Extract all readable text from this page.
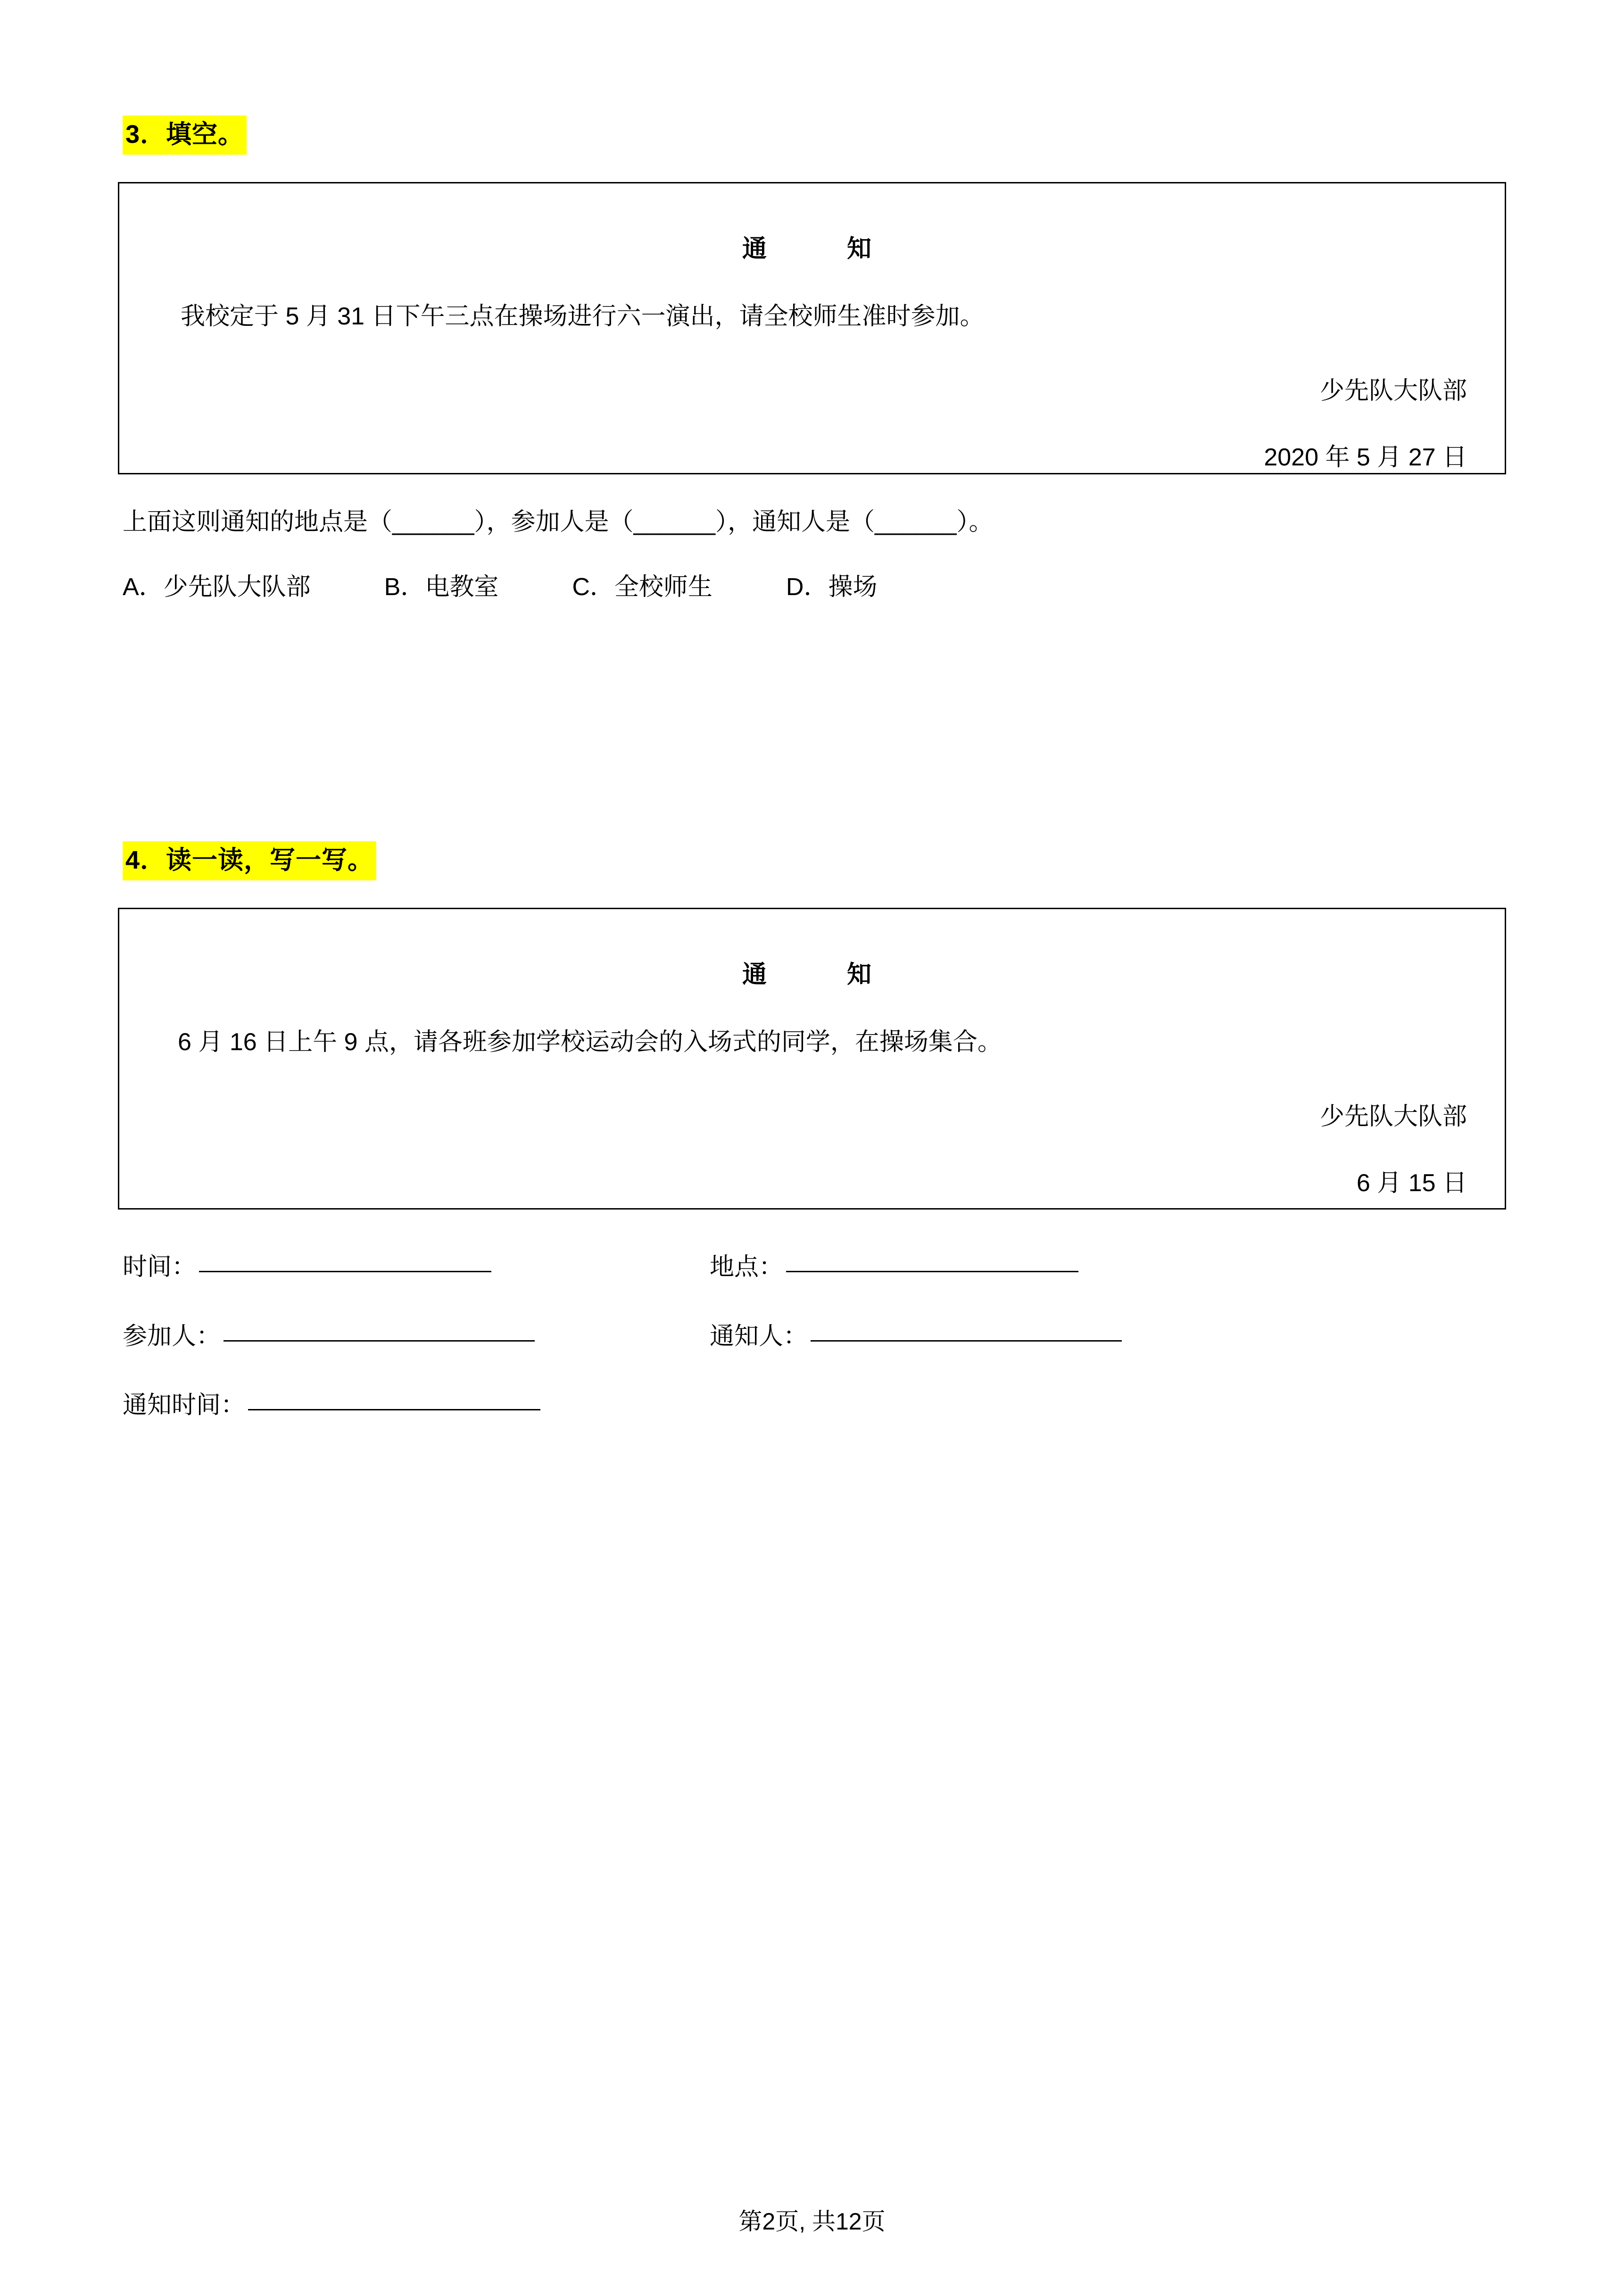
3．填空。
通　　知
我校定于 5 月 31 日下午三点在操场进行六一演出，请全校师生准时参加。
少先队大队部
2020 年 5 月 27 日
上面这则通知的地点是（______），参加人是（______），通知人是（______）。
A．少先队大队部　　　B．电教室　　　C．全校师生　　　D．操场
4．读一读，写一写。
通　　知
6 月 16 日上午 9 点，请各班参加学校运动会的入场式的同学，在操场集合。
少先队大队部
6 月 15 日
时间：	地点：
参加人：	通知人：
通知时间：
第2页, 共12页
